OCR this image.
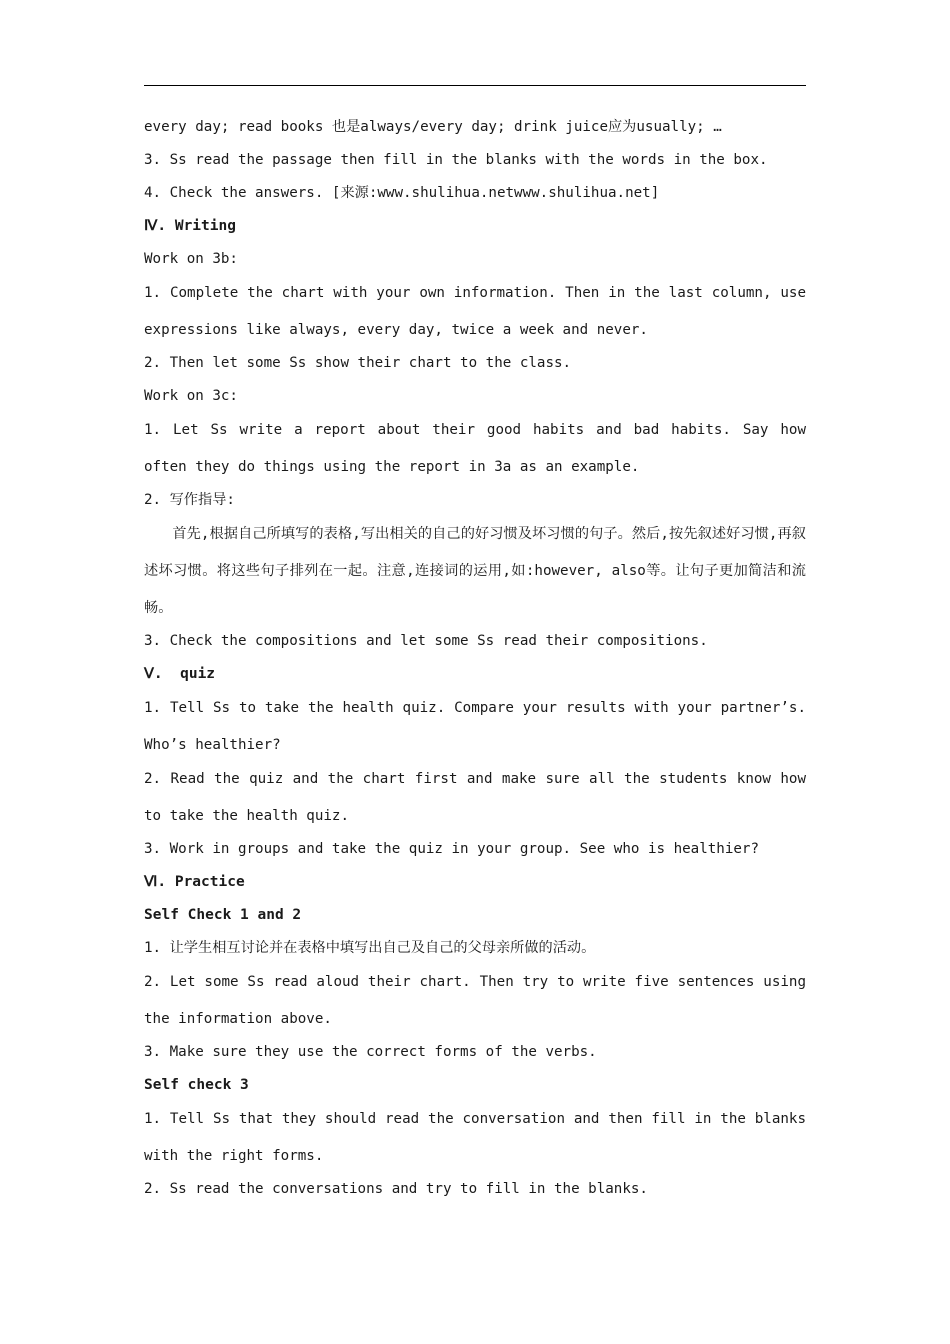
every day; read books 也是always/every day; drink juice应为usually; …

3. Ss read the passage then fill in the blanks with the words in the box.

4. Check the answers. [来源:www.shulihua.netwww.shulihua.net]

Ⅳ. Writing

Work on 3b:

1. Complete the chart with your own information. Then in the last column, use expressions like always, every day, twice a week and never.

2. Then let some Ss show their chart to the class.

Work on 3c:

1. Let Ss write a report about their good habits and bad habits. Say how often they do things using the report in 3a as an example.

2. 写作指导:

首先,根据自己所填写的表格,写出相关的自己的好习惯及坏习惯的句子。然后,按先叙述好习惯,再叙述坏习惯。将这些句子排列在一起。注意,连接词的运用,如:however, also等。让句子更加简洁和流畅。

3. Check the compositions and let some Ss read their compositions.

Ⅴ.  quiz

1. Tell Ss to take the health quiz. Compare your results with your partner’s. Who’s healthier?

2. Read the quiz and the chart first and make sure all the students know how to take the health quiz.

3. Work in groups and take the quiz in your group. See who is healthier?

Ⅵ. Practice

Self Check 1 and 2

1. 让学生相互讨论并在表格中填写出自己及自己的父母亲所做的活动。

2. Let some Ss read aloud their chart. Then try to write five sentences using the information above.

3. Make sure they use the correct forms of the verbs.

Self check 3

1. Tell Ss that they should read the conversation and then fill in the blanks with the right forms.

2. Ss read the conversations and try to fill in the blanks.
